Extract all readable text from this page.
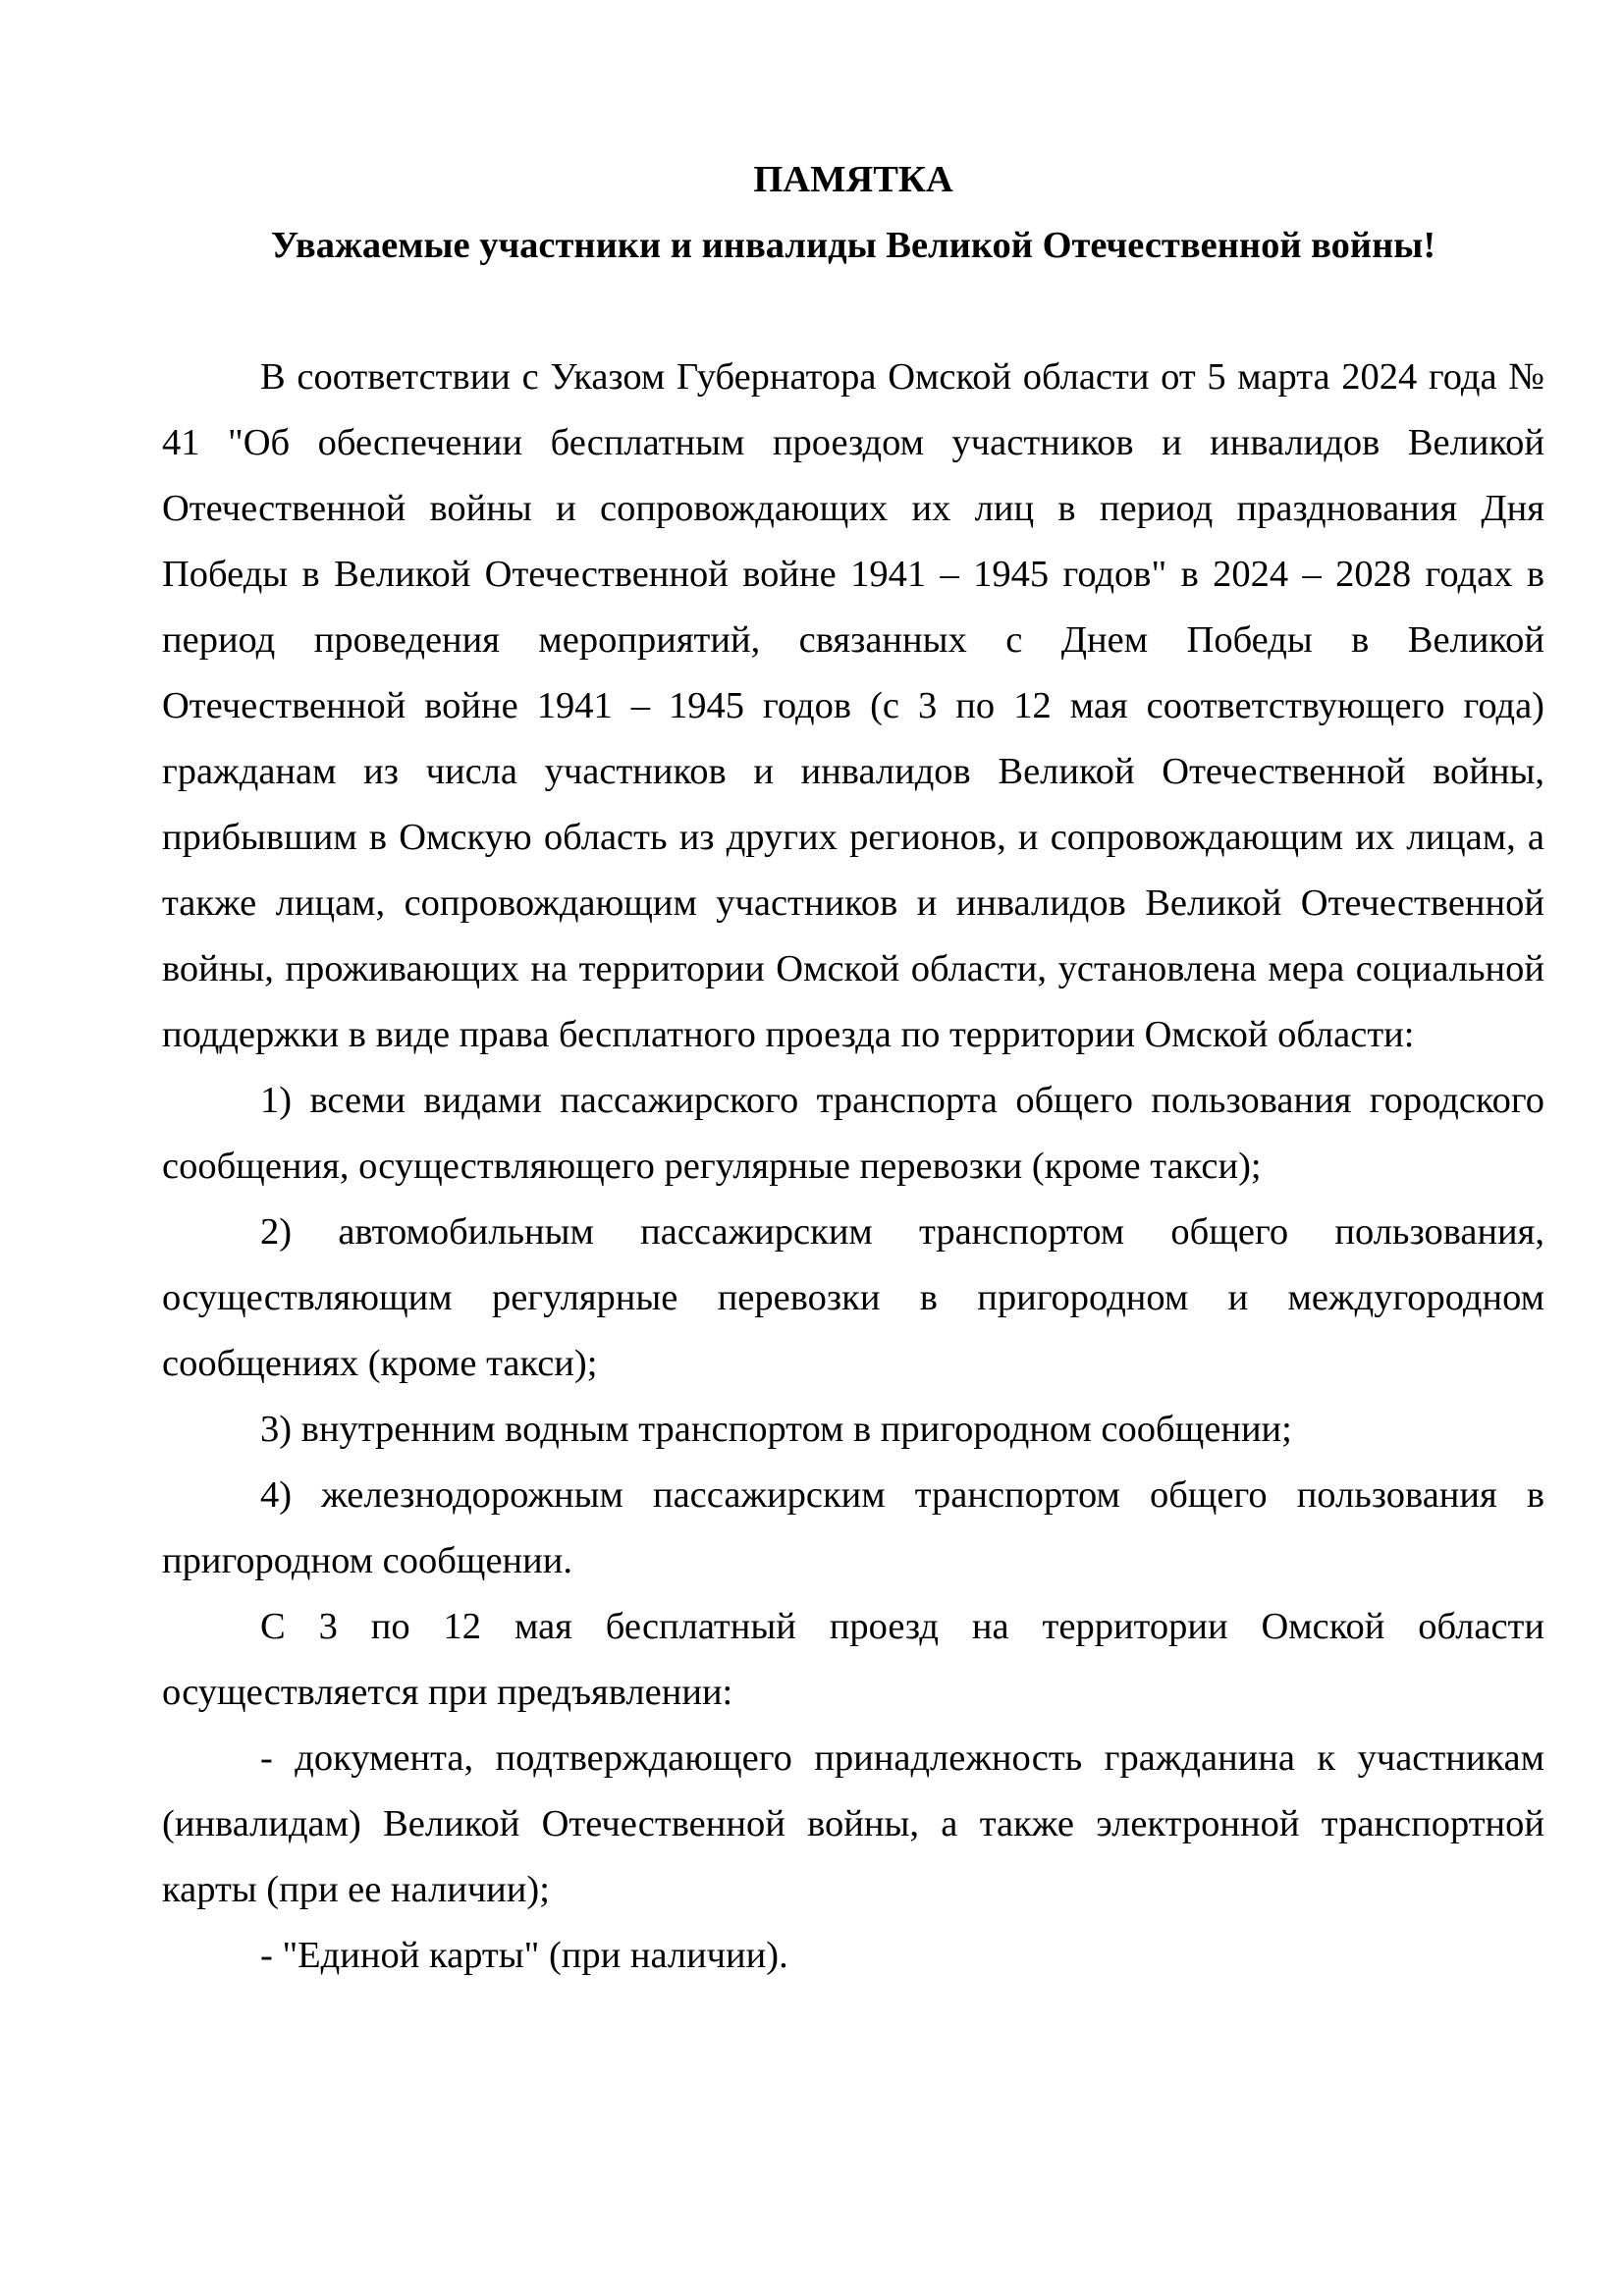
ПАМЯТКА

Уважаемые участники и инвалиды Великой Отечественной войны!

В соответствии с Указом Губернатора Омской области от 5 марта 2024 года № 41 "Об обеспечении бесплатным проездом участников и инвалидов Великой Отечественной войны и сопровождающих их лиц в период празднования Дня Победы в Великой Отечественной войне 1941 – 1945 годов" в 2024 – 2028 годах в период проведения мероприятий, связанных с Днем Победы в Великой Отечественной войне 1941 – 1945 годов (с 3 по 12 мая соответствующего года) гражданам из числа участников и инвалидов Великой Отечественной войны, прибывшим в Омскую область из других регионов, и сопровождающим их лицам, а также лицам, сопровождающим участников и инвалидов Великой Отечественной войны, проживающих на территории Омской области, установлена мера социальной поддержки в виде права бесплатного проезда по территории Омской области:

1) всеми видами пассажирского транспорта общего пользования городского сообщения, осуществляющего регулярные перевозки (кроме такси);

2) автомобильным пассажирским транспортом общего пользования, осуществляющим регулярные перевозки в пригородном и междугородном сообщениях (кроме такси);

3) внутренним водным транспортом в пригородном сообщении;

4) железнодорожным пассажирским транспортом общего пользования в пригородном сообщении.

С 3 по 12 мая бесплатный проезд на территории Омской области осуществляется при предъявлении:

- документа, подтверждающего принадлежность гражданина к участникам (инвалидам) Великой Отечественной войны, а также электронной транспортной карты (при ее наличии);

- "Единой карты" (при наличии).
